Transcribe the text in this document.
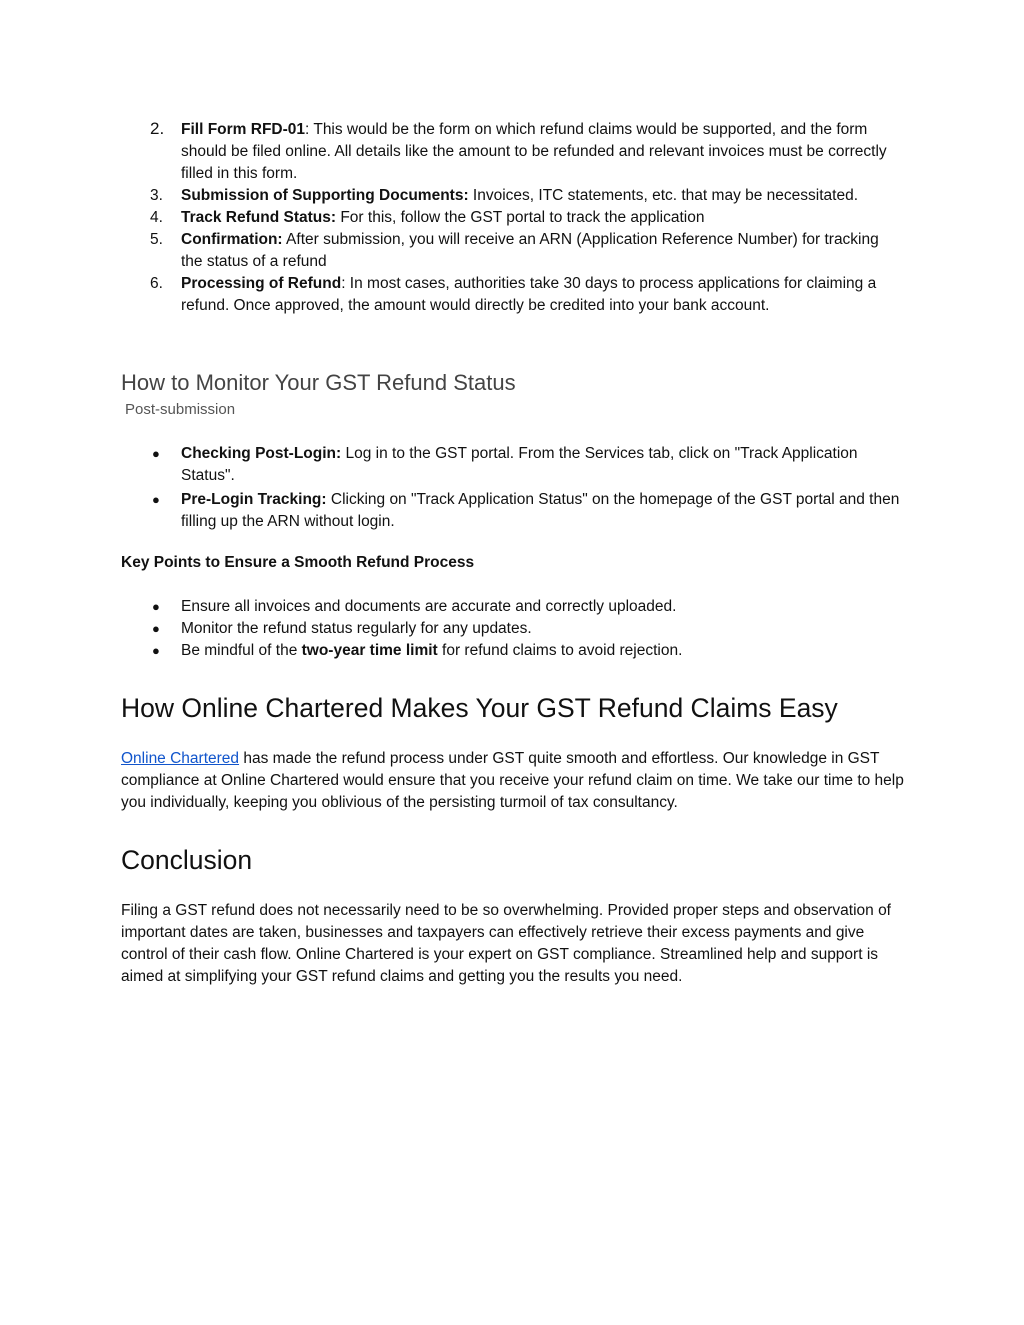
2. Fill Form RFD-01: This would be the form on which refund claims would be supported, and the form should be filed online. All details like the amount to be refunded and relevant invoices must be correctly filled in this form.
3. Submission of Supporting Documents: Invoices, ITC statements, etc. that may be necessitated.
4. Track Refund Status: For this, follow the GST portal to track the application
5. Confirmation: After submission, you will receive an ARN (Application Reference Number) for tracking the status of a refund
6. Processing of Refund: In most cases, authorities take 30 days to process applications for claiming a refund. Once approved, the amount would directly be credited into your bank account.
How to Monitor Your GST Refund Status
Post-submission
● Checking Post-Login: Log in to the GST portal. From the Services tab, click on "Track Application Status".
● Pre-Login Tracking: Clicking on "Track Application Status" on the homepage of the GST portal and then filling up the ARN without login.
Key Points to Ensure a Smooth Refund Process
● Ensure all invoices and documents are accurate and correctly uploaded.
● Monitor the refund status regularly for any updates.
● Be mindful of the two-year time limit for refund claims to avoid rejection.
How Online Chartered Makes Your GST Refund Claims Easy

Online Chartered has made the refund process under GST quite smooth and effortless. Our knowledge in GST compliance at Online Chartered would ensure that you receive your refund claim on time. We take our time to help you individually, keeping you oblivious of the persisting turmoil of tax consultancy.

Conclusion

Filing a GST refund does not necessarily need to be so overwhelming. Provided proper steps and observation of important dates are taken, businesses and taxpayers can effectively retrieve their excess payments and give control of their cash flow. Online Chartered is your expert on GST compliance. Streamlined help and support is aimed at simplifying your GST refund claims and getting you the results you need.
